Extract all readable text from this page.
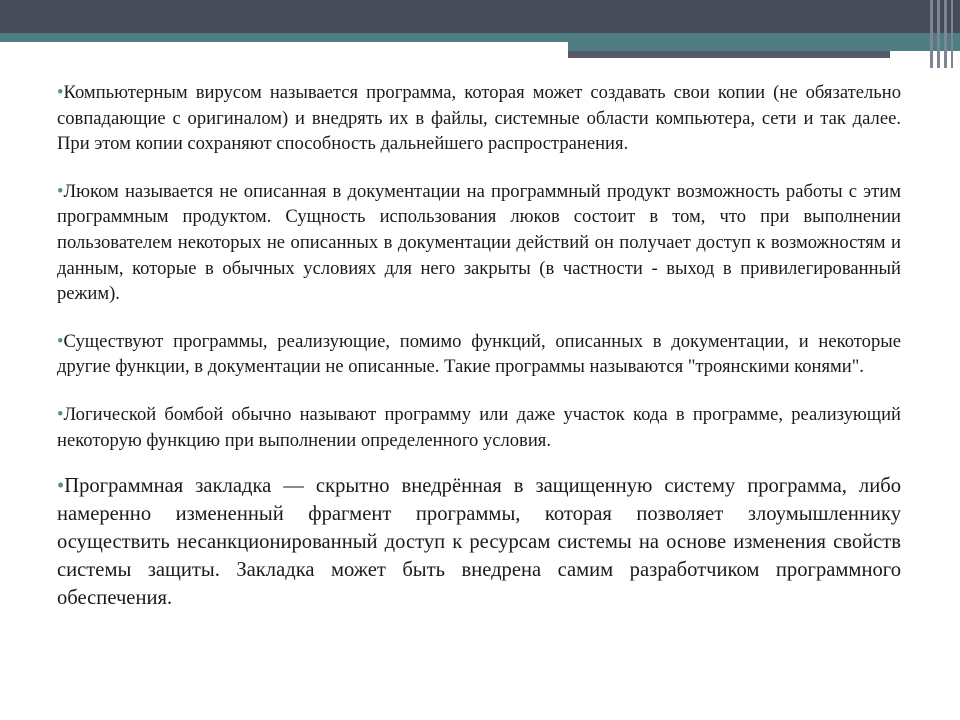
•Компьютерным вирусом называется программа, которая может создавать свои копии (не обязательно совпадающие с оригиналом) и внедрять их в файлы, системные области компьютера, сети и так далее. При этом копии сохраняют способность дальнейшего распространения.

•Люком называется не описанная в документации на программный продукт возможность работы с этим программным продуктом. Сущность использования люков состоит в том, что при выполнении пользователем некоторых не описанных в документации действий он получает доступ к возможностям и данным, которые в обычных условиях для него закрыты (в частности - выход в привилегированный режим).

•Существуют программы, реализующие, помимо функций, описанных в документации, и некоторые другие функции, в документации не описанные. Такие программы называются "троянскими конями".

•Логической бомбой обычно называют программу или даже участок кода в программе, реализующий некоторую функцию при выполнении определенного условия.

•Программная закладка — скрытно внедрённая в защищенную систему программа, либо намеренно измененный фрагмент программы, которая позволяет злоумышленнику осуществить несанкционированный доступ к ресурсам системы на основе изменения свойств системы защиты. Закладка может быть внедрена самим разработчиком программного обеспечения.
